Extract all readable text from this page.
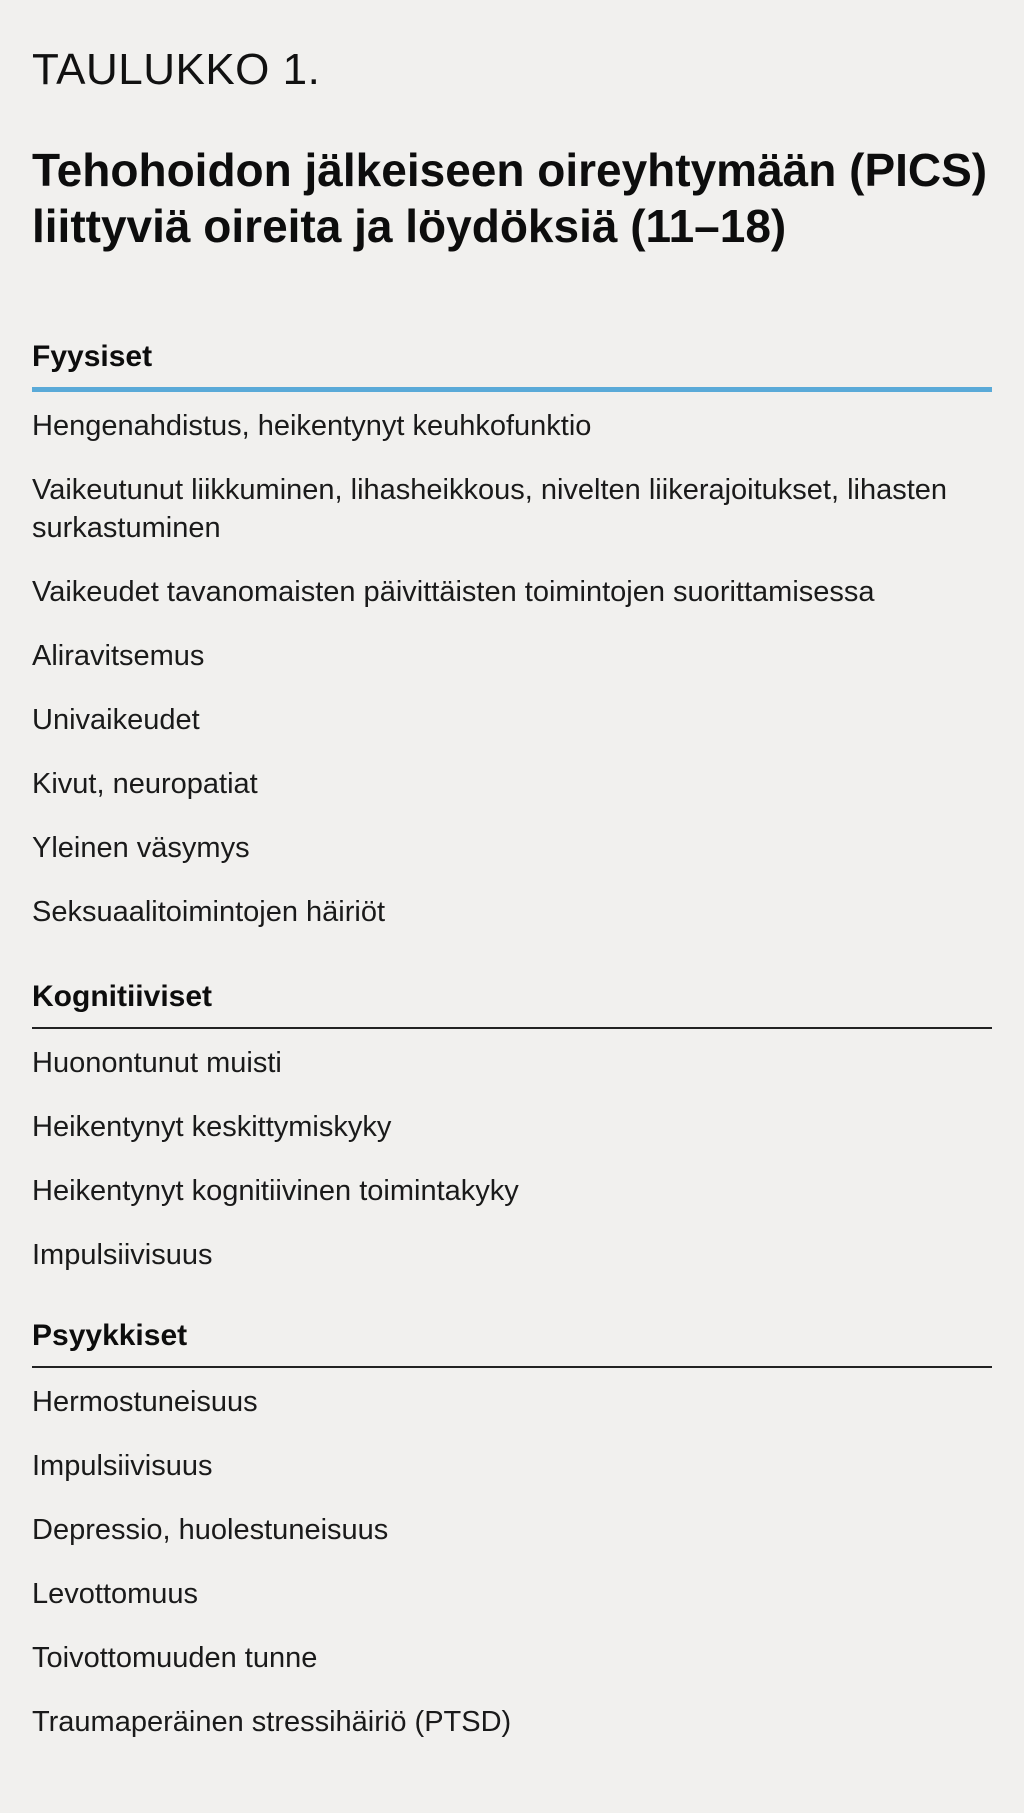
TAULUKKO 1.
Tehohoidon jälkeiseen oireyhtymään (PICS) liittyviä oireita ja löydöksiä (11–18)
Fyysiset
Hengenahdistus, heikentynyt keuhkofunktio
Vaikeutunut liikkuminen, lihasheikkous, nivelten liikerajoitukset, lihasten surkastuminen
Vaikeudet tavanomaisten päivittäisten toimintojen suorittamisessa
Aliravitsemus
Univaikeudet
Kivut, neuropatiat
Yleinen väsymys
Seksuaalitoimintojen häiriöt
Kognitiiviset
Huonontunut muisti
Heikentynyt keskittymiskyky
Heikentynyt kognitiivinen toimintakyky
Impulsiivisuus
Psyykkiset
Hermostuneisuus
Impulsiivisuus
Depressio, huolestuneisuus
Levottomuus
Toivottomuuden tunne
Traumaperäinen stressihäiriö (PTSD)
